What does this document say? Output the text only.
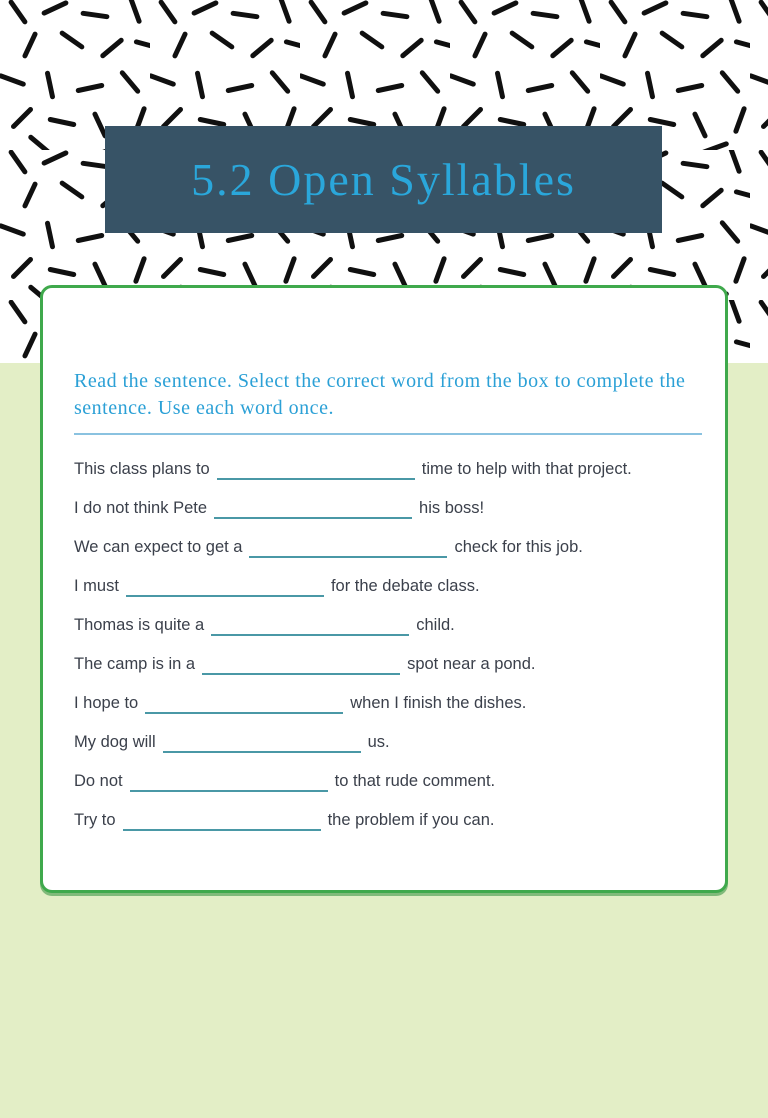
5.2 Open Syllables
Read the sentence. Select the correct word from the box to complete the sentence. Use each word once.
This class plans to	time to help with that project.
I do not think Pete	his boss!
We can expect to get a	check for this job.
I must	for the debate class.
Thomas is quite a	child.
The camp is in a	spot near a pond.
I hope to	when I finish the dishes.
My dog will	us.
Do not	to that rude comment.
Try to	the problem if you can.
